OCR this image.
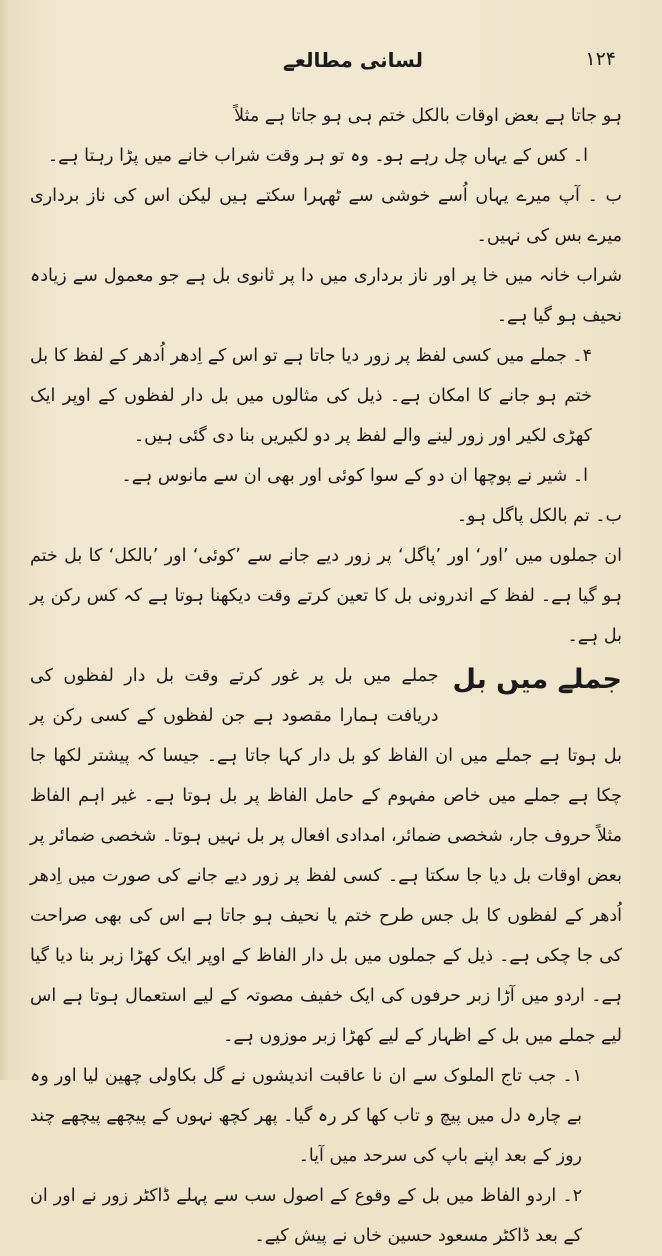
۱۲۴
لسانی مطالعے

ہو جاتا ہے بعض اوقات بالکل ختم ہی ہو جاتا ہے مثلاً

ا۔ کس کے یہاں چل رہے ہو۔ وہ تو ہر وقت شراب خانے میں پڑا رہتا ہے۔

ب ۔ آپ میرے یہاں اُسے خوشی سے ٹھہرا سکتے ہیں لیکن اس کی ناز برداری میرے بس کی نہیں۔

شراب خانہ میں خا پر اور ناز برداری میں دا پر ثانوی بل ہے جو معمول سے زیادہ نحیف ہو گیا ہے۔

۴۔ جملے میں کسی لفظ پر زور دیا جاتا ہے تو اس کے اِدھر اُدھر کے لفظ کا بل ختم ہو جانے کا امکان ہے۔ ذیل کی مثالوں میں بل دار لفظوں کے اوپر ایک کھڑی لکیر اور زور لینے والے لفظ پر دو لکیریں بنا دی گئی ہیں۔

ا۔ شیر نے پوچھا ان دو کے سوا کوئی اور بھی ان سے مانوس ہے۔

ب۔ تم بالکل پاگل ہو۔

ان جملوں میں ’اور‘ اور ’پاگل‘ پر زور دیے جانے سے ’کوئی‘ اور ’بالکل‘ کا بل ختم ہو گیا ہے۔ لفظ کے اندرونی بل کا تعین کرتے وقت دیکھنا ہوتا ہے کہ کس رکن پر بل ہے۔

جملے میں بل
جملے میں بل پر غور کرتے وقت بل دار لفظوں کی دریافت ہمارا مقصود ہے جن لفظوں کے کسی رکن پر بل ہوتا ہے جملے میں ان الفاظ کو بل دار کہا جاتا ہے۔ جیسا کہ پیشتر لکھا جا چکا ہے جملے میں خاص مفہوم کے حامل الفاظ پر بل ہوتا ہے۔ غیر اہم الفاظ مثلاً حروف جار، شخصی ضمائر، امدادی افعال پر بل نہیں ہوتا۔ شخصی ضمائر پر بعض اوقات بل دیا جا سکتا ہے۔ کسی لفظ پر زور دیے جانے کی صورت میں اِدھر اُدھر کے لفظوں کا بل جس طرح ختم یا نحیف ہو جاتا ہے اس کی بھی صراحت کی جا چکی ہے۔ ذیل کے جملوں میں بل دار الفاظ کے اوپر ایک کھڑا زبر بنا دیا گیا ہے۔ اردو میں آڑا زبر حرفوں کی ایک خفیف مصوتہ کے لیے استعمال ہوتا ہے اس لیے جملے میں بل کے اظہار کے لیے کھڑا زبر موزوں ہے۔

۱۔ جب تاج الملوک سے ان نا عاقبت اندیشوں نے گل بکاولی چھین لیا اور وہ بے چارہ دل میں پیچ و تاب کھا کر رہ گیا۔ پھر کچھ نہوں کے پیچھے پیچھے چند روز کے بعد اپنے باپ کی سرحد میں آیا۔

۲۔ اردو الفاظ میں بل کے وقوع کے اصول سب سے پہلے ڈاکٹر زور نے اور ان کے بعد ڈاکٹر مسعود حسین خاں نے پیش کیے۔
